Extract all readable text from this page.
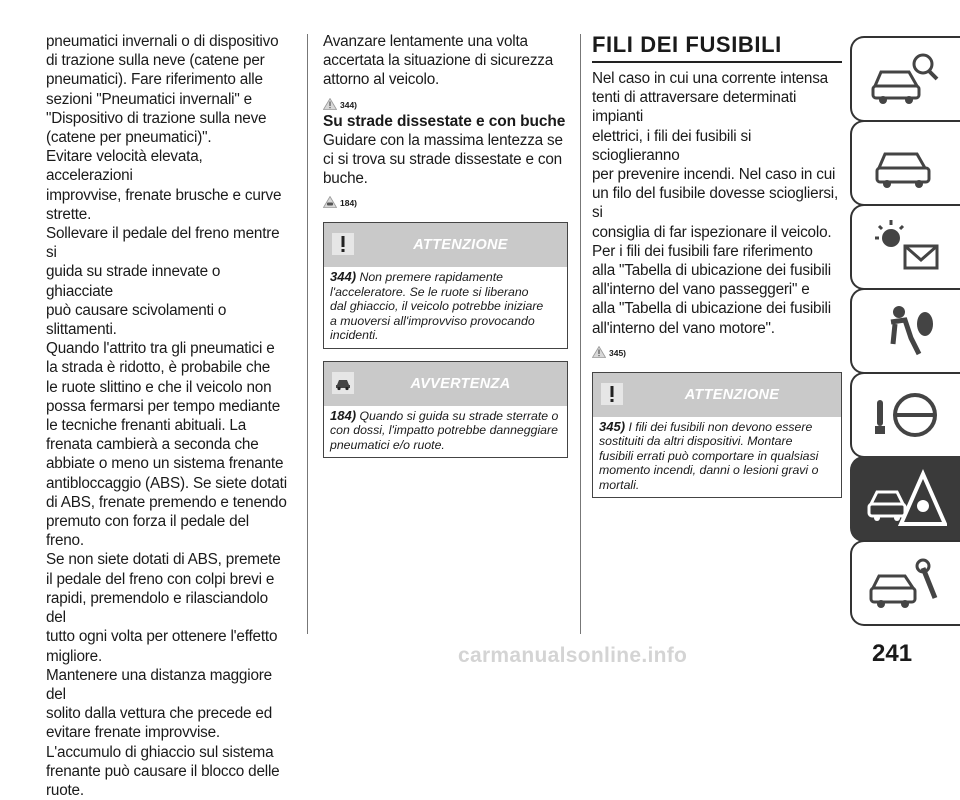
pneumatici invernali o di dispositivo
di trazione sulla neve (catene per
pneumatici). Fare riferimento alle
sezioni "Pneumatici invernali" e
"Dispositivo di trazione sulla neve
(catene per pneumatici)".

Evitare velocità elevata, accelerazioni
improvvise, frenate brusche e curve
strette.

Sollevare il pedale del freno mentre si
guida su strade innevate o ghiacciate
può causare scivolamenti o slittamenti.

Quando l'attrito tra gli pneumatici e
la strada è ridotto, è probabile che
le ruote slittino e che il veicolo non
possa fermarsi per tempo mediante
le tecniche frenanti abituali. La
frenata cambierà a seconda che
abbiate o meno un sistema frenante
antibloccaggio (ABS). Se siete dotati
di ABS, frenate premendo e tenendo
premuto con forza il pedale del freno.
Se non siete dotati di ABS, premete
il pedale del freno con colpi brevi e
rapidi, premendolo e rilasciandolo del
tutto ogni volta per ottenere l'effetto
migliore.

Mantenere una distanza maggiore del
solito dalla vettura che precede ed
evitare frenate improvvise.

L'accumulo di ghiaccio sul sistema
frenante può causare il blocco delle
ruote.

Avanzare lentamente una volta
accertata la situazione di sicurezza
attorno al veicolo.

344)
Su strade dissestate e con buche

Guidare con la massima lentezza se
ci si trova su strade dissestate e con
buche.

184)
ATTENZIONE
344) Non premere rapidamente
l'acceleratore. Se le ruote si liberano
dal ghiaccio, il veicolo potrebbe iniziare
a muoversi all'improvviso provocando
incidenti.
AVVERTENZA
184) Quando si guida su strade sterrate o
con dossi, l'impatto potrebbe danneggiare
pneumatici e/o ruote.
FILI DEI FUSIBILI

Nel caso in cui una corrente intensa
tenti di attraversare determinati impianti
elettrici, i fili dei fusibili si scioglieranno
per prevenire incendi. Nel caso in cui
un filo del fusibile dovesse sciogliersi, si
consiglia di far ispezionare il veicolo.
Per i fili dei fusibili fare riferimento
alla "Tabella di ubicazione dei fusibili
all'interno del vano passeggeri" e
alla "Tabella di ubicazione dei fusibili
all'interno del vano motore".

345)
ATTENZIONE
345) I fili dei fusibili non devono essere
sostituiti da altri dispositivi. Montare
fusibili errati può comportare in qualsiasi
momento incendi, danni o lesioni gravi o mortali.
241
carmanualsonline.info
